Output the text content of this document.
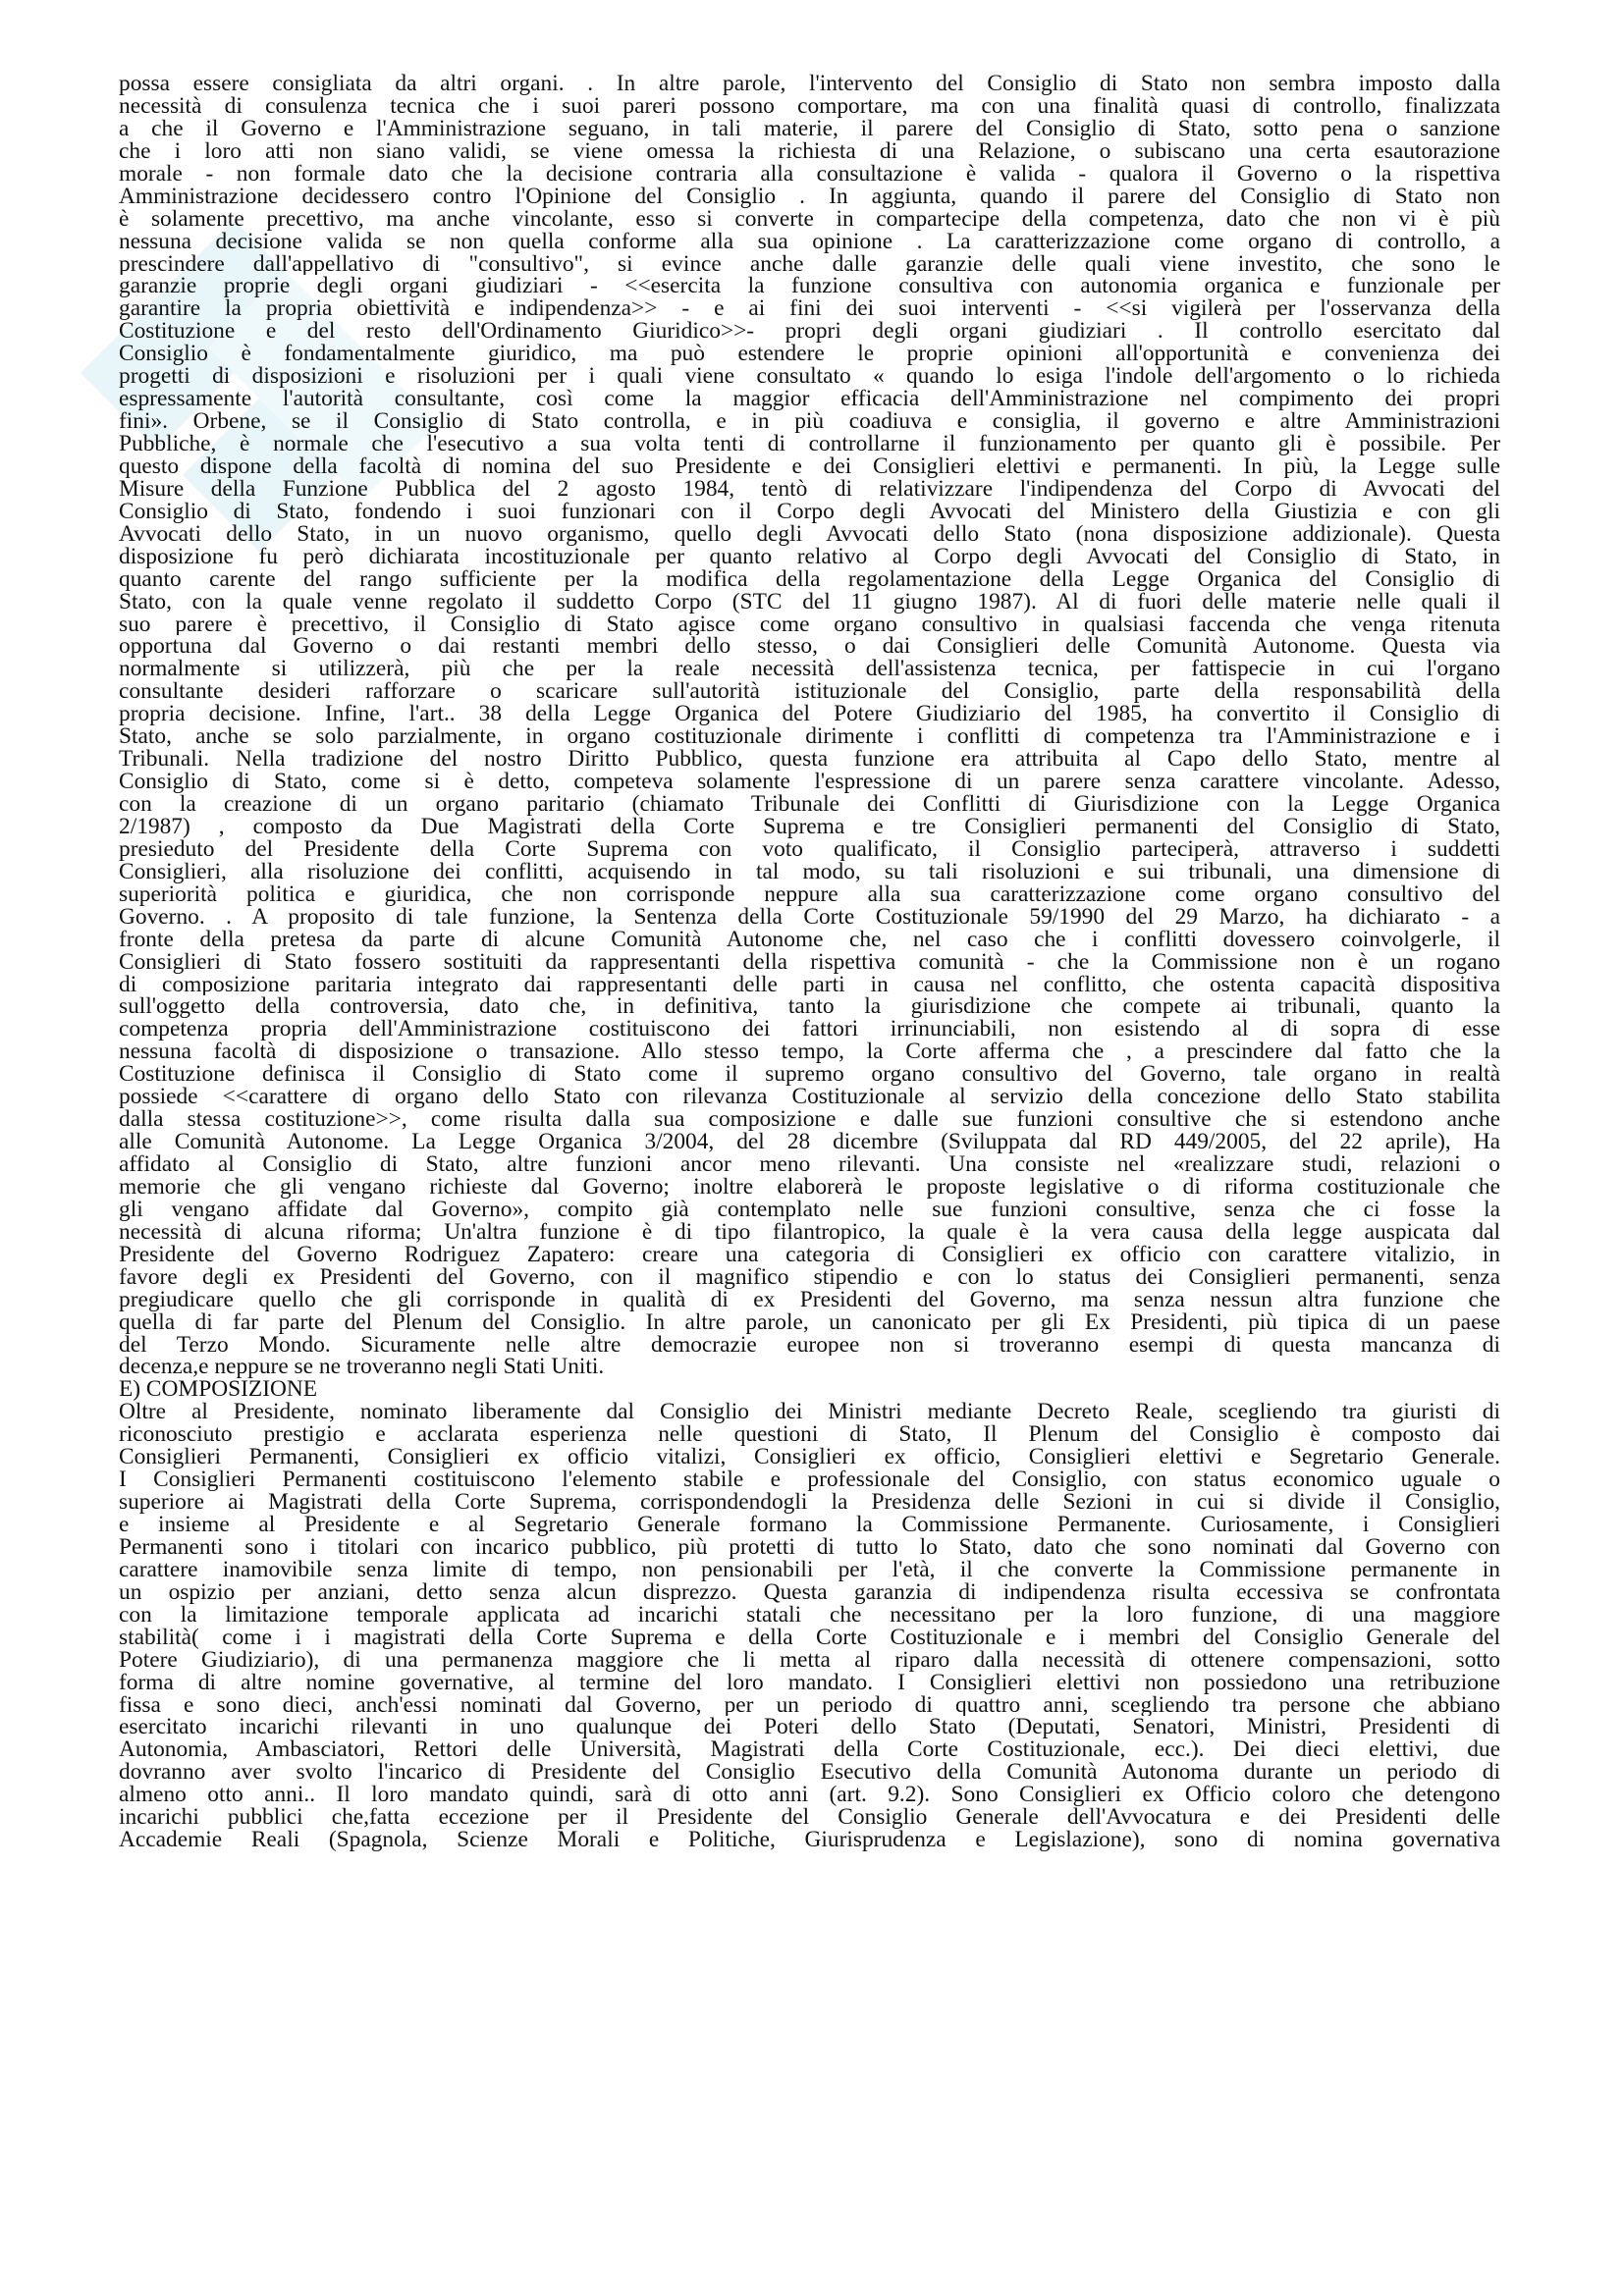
possa essere consigliata da altri organi. . In altre parole, l'intervento del Consiglio di Stato non sembra imposto dalla

necessità di consulenza tecnica che i suoi pareri possono comportare, ma con una finalità quasi di controllo, finalizzata

a che il Governo e l'Amministrazione seguano, in tali materie, il parere del Consiglio di Stato, sotto pena o sanzione

che i loro atti non siano validi, se viene omessa la richiesta di una Relazione, o subiscano una certa esautorazione

morale - non formale dato che la decisione contraria alla consultazione è valida - qualora il Governo o la rispettiva

Amministrazione decidessero contro l'Opinione del Consiglio . In aggiunta, quando il parere del Consiglio di Stato non

è solamente precettivo, ma anche vincolante, esso si converte in compartecipe della competenza, dato che non vi è più

nessuna decisione valida se non quella conforme alla sua opinione . La caratterizzazione come organo di controllo, a

prescindere dall'appellativo di "consultivo", si evince anche dalle garanzie delle quali viene investito, che sono le

garanzie proprie degli organi giudiziari - <<esercita la funzione consultiva con autonomia organica e funzionale per

garantire la propria obiettività e indipendenza>> - e ai fini dei suoi interventi - <<si vigilerà per l'osservanza della

Costituzione e del resto dell'Ordinamento Giuridico>>- propri degli organi giudiziari . Il controllo esercitato dal

Consiglio è fondamentalmente giuridico, ma può estendere le proprie opinioni all'opportunità e convenienza dei

progetti di disposizioni e risoluzioni per i quali viene consultato « quando lo esiga l'indole dell'argomento o lo richieda

espressamente l'autorità consultante, così come la maggior efficacia dell'Amministrazione nel compimento dei propri

fini». Orbene, se il Consiglio di Stato controlla, e in più coadiuva e consiglia, il governo e altre Amministrazioni

Pubbliche, è normale che l'esecutivo a sua volta tenti di controllarne il funzionamento per quanto gli è possibile. Per

questo dispone della facoltà di nomina del suo Presidente e dei Consiglieri elettivi e permanenti. In più, la Legge sulle

Misure della Funzione Pubblica del 2 agosto 1984, tentò di relativizzare l'indipendenza del Corpo di Avvocati del

Consiglio di Stato, fondendo i suoi funzionari con il Corpo degli Avvocati del Ministero della Giustizia e con gli

Avvocati dello Stato, in un nuovo organismo, quello degli Avvocati dello Stato (nona disposizione addizionale). Questa

disposizione fu però dichiarata incostituzionale per quanto relativo al Corpo degli Avvocati del Consiglio di Stato, in

quanto carente del rango sufficiente per la modifica della regolamentazione della Legge Organica del Consiglio di

Stato, con la quale venne regolato il suddetto Corpo (STC del 11 giugno 1987). Al di fuori delle materie nelle quali il

suo parere è precettivo, il Consiglio di Stato agisce come organo consultivo in qualsiasi faccenda che venga ritenuta

opportuna dal Governo o dai restanti membri dello stesso, o dai Consiglieri delle Comunità Autonome. Questa via

normalmente si utilizzerà, più che per la reale necessità dell'assistenza tecnica, per fattispecie in cui l'organo

consultante desideri rafforzare o scaricare sull'autorità istituzionale del Consiglio, parte della responsabilità della

propria decisione. Infine, l'art.. 38 della Legge Organica del Potere Giudiziario del 1985, ha convertito il Consiglio di

Stato, anche se solo parzialmente, in organo costituzionale dirimente i conflitti di competenza tra l'Amministrazione e i

Tribunali. Nella tradizione del nostro Diritto Pubblico, questa funzione era attribuita al Capo dello Stato, mentre al

Consiglio di Stato, come si è detto, competeva solamente l'espressione di un parere senza carattere vincolante. Adesso,

con la creazione di un organo paritario (chiamato Tribunale dei Conflitti di Giurisdizione con la Legge Organica

2/1987) , composto da Due Magistrati della Corte Suprema e tre Consiglieri permanenti del Consiglio di Stato,

presieduto del Presidente della Corte Suprema con voto qualificato, il Consiglio parteciperà, attraverso i suddetti

Consiglieri, alla risoluzione dei conflitti, acquisendo in tal modo, su tali risoluzioni e sui tribunali, una dimensione di

superiorità politica e giuridica, che non corrisponde neppure alla sua caratterizzazione come organo consultivo del

Governo. . A proposito di tale funzione, la Sentenza della Corte Costituzionale 59/1990 del 29 Marzo, ha dichiarato - a

fronte della pretesa da parte di alcune Comunità Autonome che, nel caso che i conflitti dovessero coinvolgerle, il

Consiglieri di Stato fossero sostituiti da rappresentanti della rispettiva comunità - che la Commissione non è un rogano

di composizione paritaria integrato dai rappresentanti delle parti in causa nel conflitto, che ostenta capacità dispositiva

sull'oggetto della controversia, dato che, in definitiva, tanto la giurisdizione che compete ai tribunali, quanto la

competenza propria dell'Amministrazione costituiscono dei fattori irrinunciabili, non esistendo al di sopra di esse

nessuna facoltà di disposizione o transazione. Allo stesso tempo, la Corte afferma che , a prescindere dal fatto che la

Costituzione definisca il Consiglio di Stato come il supremo organo consultivo del Governo, tale organo in realtà

possiede <<carattere di organo dello Stato con rilevanza Costituzionale al servizio della concezione dello Stato stabilita

dalla stessa costituzione>>, come risulta dalla sua composizione e dalle sue funzioni consultive che si estendono anche

alle Comunità Autonome. La Legge Organica 3/2004, del 28 dicembre (Sviluppata dal RD 449/2005, del 22 aprile), Ha

affidato al Consiglio di Stato, altre funzioni ancor meno rilevanti. Una consiste nel «realizzare studi, relazioni o

memorie che gli vengano richieste dal Governo; inoltre elaborerà le proposte legislative o di riforma costituzionale che

gli vengano affidate dal Governo», compito già contemplato nelle sue funzioni consultive, senza che ci fosse la

necessità di alcuna riforma; Un'altra funzione è di tipo filantropico, la quale è la vera causa della legge auspicata dal

Presidente del Governo Rodriguez Zapatero: creare una categoria di Consiglieri ex officio con carattere vitalizio, in

favore degli ex Presidenti del Governo, con il magnifico stipendio e con lo status dei Consiglieri permanenti, senza

pregiudicare quello che gli corrisponde in qualità di ex Presidenti del Governo, ma senza nessun altra funzione che

quella di far parte del Plenum del Consiglio. In altre parole, un canonicato per gli Ex Presidenti, più tipica di un paese

del Terzo Mondo. Sicuramente nelle altre democrazie europee non si troveranno esempi di questa mancanza di

decenza,e neppure se ne troveranno negli Stati Uniti.

E) COMPOSIZIONE

Oltre al Presidente, nominato liberamente dal Consiglio dei Ministri mediante Decreto Reale, scegliendo tra giuristi di

riconosciuto prestigio e acclarata esperienza nelle questioni di Stato, Il Plenum del Consiglio è composto dai

Consiglieri Permanenti, Consiglieri ex officio vitalizi, Consiglieri ex officio, Consiglieri elettivi e Segretario Generale.

I Consiglieri Permanenti costituiscono l'elemento stabile e professionale del Consiglio, con status economico uguale o

superiore ai Magistrati della Corte Suprema, corrispondendogli la Presidenza delle Sezioni in cui si divide il Consiglio,

e insieme al Presidente e al Segretario Generale formano la Commissione Permanente. Curiosamente, i Consiglieri

Permanenti sono i titolari con incarico pubblico, più protetti di tutto lo Stato, dato che sono nominati dal Governo con

carattere inamovibile senza limite di tempo, non pensionabili per l'età, il che converte la Commissione permanente in

un ospizio per anziani, detto senza alcun disprezzo. Questa garanzia di indipendenza risulta eccessiva se confrontata

con la limitazione temporale applicata ad incarichi statali che necessitano per la loro funzione, di una maggiore

stabilità( come i i magistrati della Corte Suprema e della Corte Costituzionale e i membri del Consiglio Generale del

Potere Giudiziario), di una permanenza maggiore che li metta al riparo dalla necessità di ottenere compensazioni, sotto

forma di altre nomine governative, al termine del loro mandato. I Consiglieri elettivi non possiedono una retribuzione

fissa e sono dieci, anch'essi nominati dal Governo, per un periodo di quattro anni, scegliendo tra persone che abbiano

esercitato incarichi rilevanti in uno qualunque dei Poteri dello Stato (Deputati, Senatori, Ministri, Presidenti di

Autonomia, Ambasciatori, Rettori delle Università, Magistrati della Corte Costituzionale, ecc.). Dei dieci elettivi, due

dovranno aver svolto l'incarico di Presidente del Consiglio Esecutivo della Comunità Autonoma durante un periodo di

almeno otto anni.. Il loro mandato quindi, sarà di otto anni (art. 9.2). Sono Consiglieri ex Officio coloro che detengono

incarichi pubblici che,fatta eccezione per il Presidente del Consiglio Generale dell'Avvocatura e dei Presidenti delle

Accademie Reali (Spagnola, Scienze Morali e Politiche, Giurisprudenza e Legislazione), sono di nomina governativa
